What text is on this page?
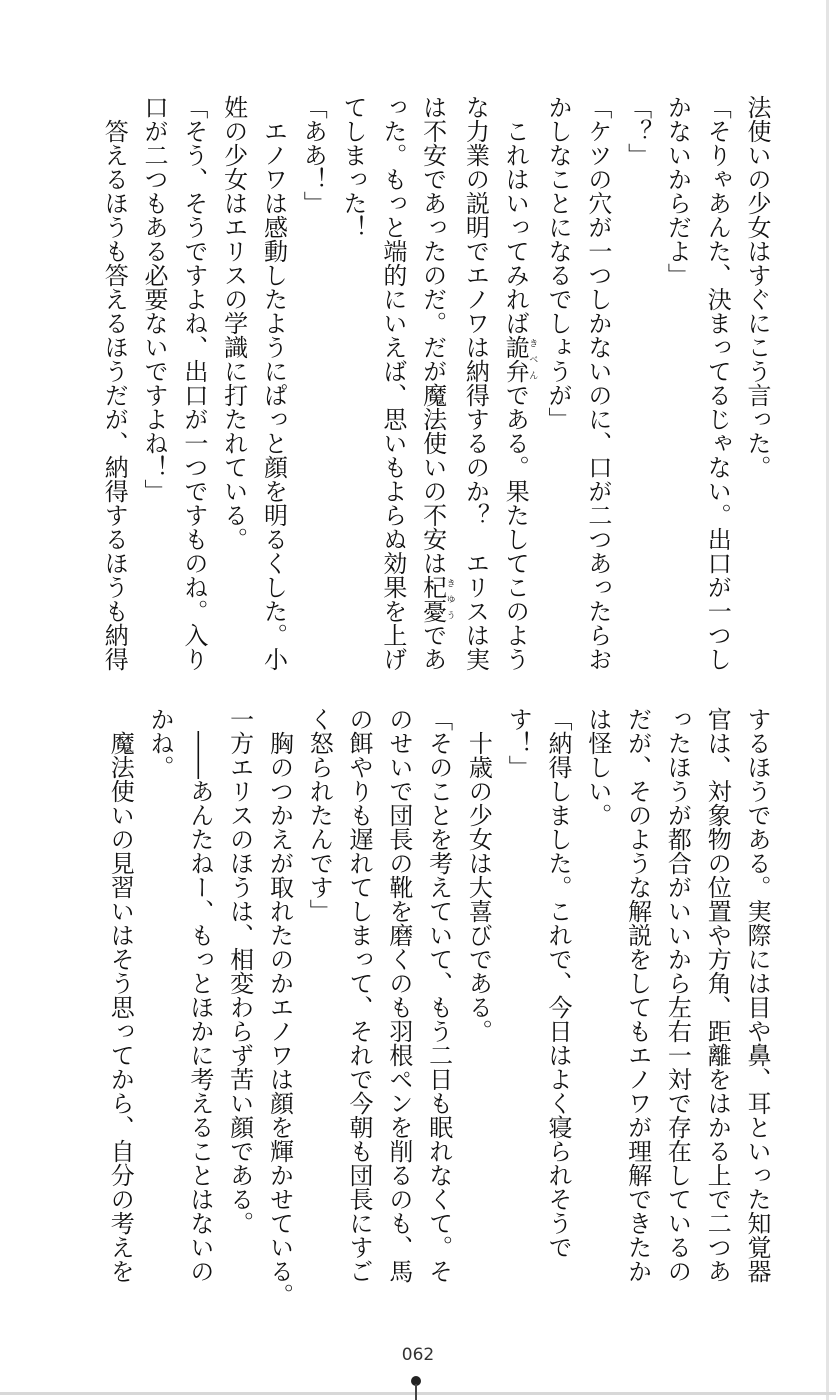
法使いの少女はすぐにこう言った。
「そりゃあんた、決まってるじゃない。出口が一つし
かないからだよ」
「？」
「ケツの穴が一つしかないのに、口が二つあったらお
かしなことになるでしょうが」
　これはいってみれば詭弁きべんである。果たしてこのよう
な力業の説明でエノワは納得するのか？　エリスは実
は不安であったのだ。だが魔法使いの不安は杞憂きゆうであ
った。もっと端的にいえば、思いもよらぬ効果を上げ
てしまった！
「ああ！」
　エノワは感動したようにぱっと顔を明るくした。小
姓の少女はエリスの学識に打たれている。
「そう、そうですよね、出口が一つですものね。入り
口が二つもある必要ないですよね！」
　答えるほうも答えるほうだが、納得するほうも納得
するほうである。実際には目や鼻、耳といった知覚器
官は、対象物の位置や方角、距離をはかる上で二つあ
ったほうが都合がいいから左右一対で存在しているの
だが、そのような解説をしてもエノワが理解できたか
は怪しい。
「納得しました。これで、今日はよく寝られそうで
す！」
　十歳の少女は大喜びである。
「そのことを考えていて、もう二日も眠れなくて。そ
のせいで団長の靴を磨くのも羽根ペンを削るのも、馬
の餌やりも遅れてしまって、それで今朝も団長にすご
く怒られたんです」
　胸のつかえが取れたのかエノワは顔を輝かせている。
一方エリスのほうは、相変わらず苦い顔である。
　――あんたねー、もっとほかに考えることはないの
かね。
　魔法使いの見習いはそう思ってから、自分の考えを
062
